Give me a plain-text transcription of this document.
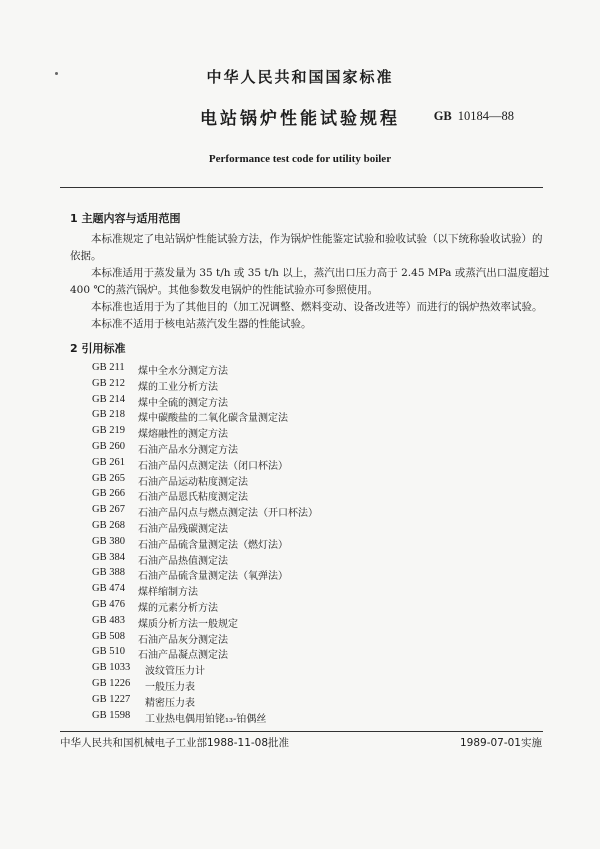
中华人民共和国国家标准
电站锅炉性能试验规程	GB 10184—88
Performance test code for utility boiler
1 主题内容与适用范围
本标准规定了电站锅炉性能试验方法，作为锅炉性能鉴定试验和验收试验（以下统称验收试验）的
依据。
本标准适用于蒸发量为 35 t/h 或 35 t/h 以上，蒸汽出口压力高于 2.45 MPa 或蒸汽出口温度超过
400 ℃的蒸汽锅炉。其他参数发电锅炉的性能试验亦可参照使用。
本标准也适用于为了其他目的（加工况调整、燃料变动、设备改进等）而进行的锅炉热效率试验。
本标准不适用于核电站蒸汽发生器的性能试验。
2 引用标准
GB 211 煤中全水分测定方法
GB 212 煤的工业分析方法
GB 214 煤中全硫的测定方法
GB 218 煤中碳酸盐的二氧化碳含量测定法
GB 219 煤熔融性的测定方法
GB 260 石油产品水分测定方法
GB 261 石油产品闪点测定法（闭口杯法）
GB 265 石油产品运动粘度测定法
GB 266 石油产品恩氏粘度测定法
GB 267 石油产品闪点与燃点测定法（开口杯法）
GB 268 石油产品残碳测定法
GB 380 石油产品硫含量测定法（燃灯法）
GB 384 石油产品热值测定法
GB 388 石油产品硫含量测定法（氧弹法）
GB 474 煤样缩制方法
GB 476 煤的元素分析方法
GB 483 煤质分析方法一般规定
GB 508 石油产品灰分测定法
GB 510 石油产品凝点测定法
GB 1033 波纹管压力计
GB 1226 一般压力表
GB 1227 精密压力表
GB 1598 工业热电偶用铂铑₁₃-铂偶丝
中华人民共和国机械电子工业部1988-11-08批准	1989-07-01实施
